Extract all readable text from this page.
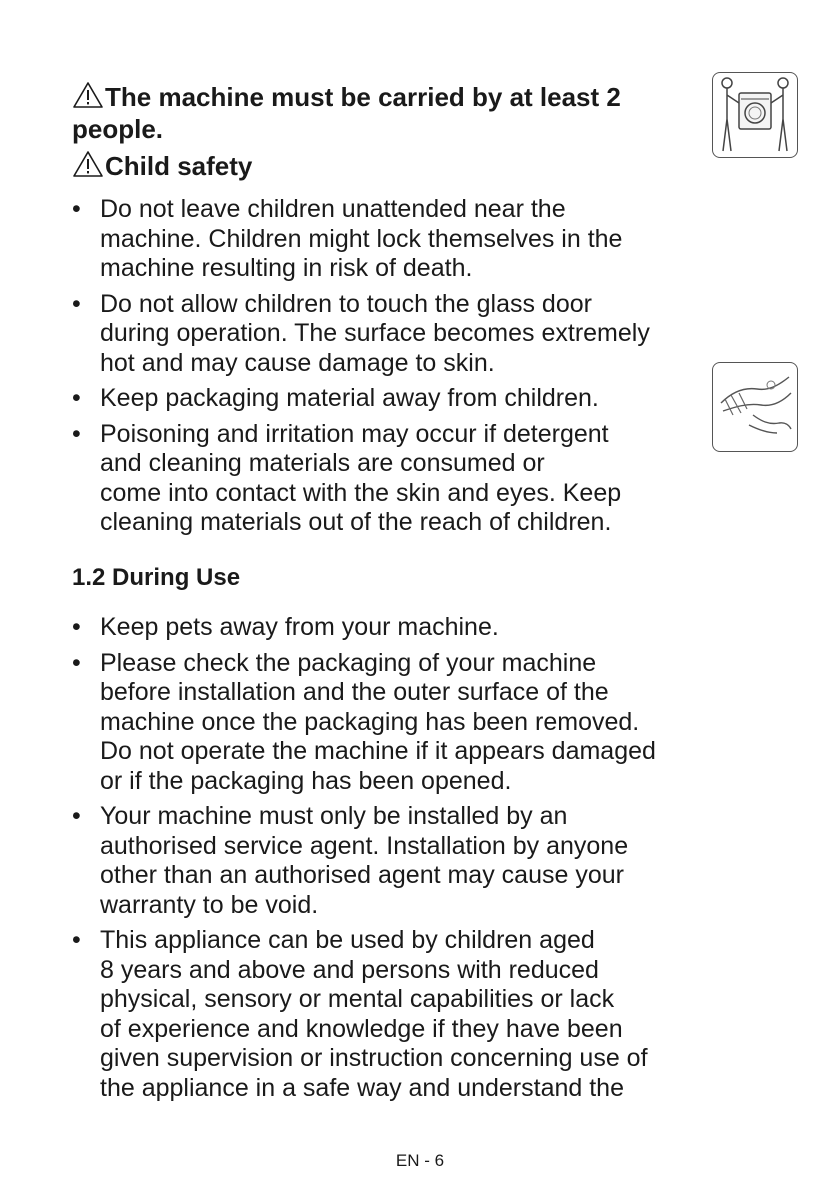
The machine must be carried by at least 2 people.

Child safety

• Do not leave children unattended near the
machine. Children might lock themselves in the
machine resulting in risk of death.
• Do not allow children to touch the glass door
during operation. The surface becomes extremely
hot and may cause damage to skin.
• Keep packaging material away from children.
• Poisoning and irritation may occur if detergent
and cleaning materials are consumed or
come into contact with the skin and eyes. Keep
cleaning materials out of the reach of children.
1.2 During Use
• Keep pets away from your machine.
• Please check the packaging of your machine
before installation and the outer surface of the
machine once the packaging has been removed.
Do not operate the machine if it appears damaged
or if the packaging has been opened.
• Your machine must only be installed by an
authorised service agent. Installation by anyone
other than an authorised agent may cause your
warranty to be void.
• This appliance can be used by children aged
8 years and above and persons with reduced
physical, sensory or mental capabilities or lack
of experience and knowledge if they have been
given supervision or instruction concerning use of
the appliance in a safe way and understand the
EN - 6
